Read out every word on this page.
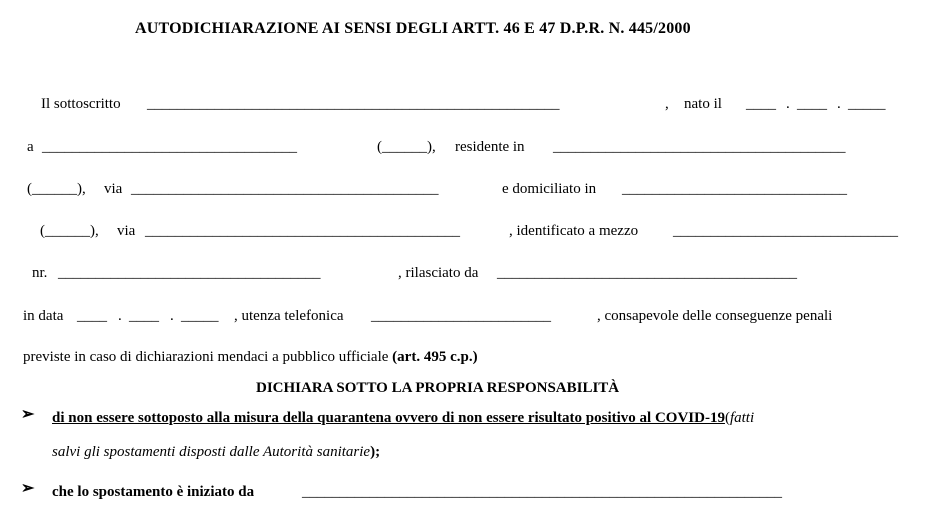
AUTODICHIARAZIONE AI SENSI DEGLI ARTT. 46 E 47 D.P.R. N. 445/2000
Il sottoscritto _______________________________________________________	, nato il ____ . ____ . _____
a __________________________________	(______), residente in _______________________________________
(______), via _________________________________________	e domiciliato in ______________________________
(______), via __________________________________________	, identificato a mezzo ______________________________
nr. ___________________________________	, rilasciato da ________________________________________
in data ____ . ____ . _____ , utenza telefonica ________________________	, consapevole delle conseguenze penali
previste in caso di dichiarazioni mendaci a pubblico ufficiale (art. 495 c.p.)
DICHIARA SOTTO LA PROPRIA RESPONSABILITÀ
➢ di non essere sottoposto alla misura della quarantena ovvero di non essere risultato positivo al COVID-19(fatti
salvi gli spostamenti disposti dalle Autorità sanitarie);
➢ che lo spostamento è iniziato da	________________________________________________________________
